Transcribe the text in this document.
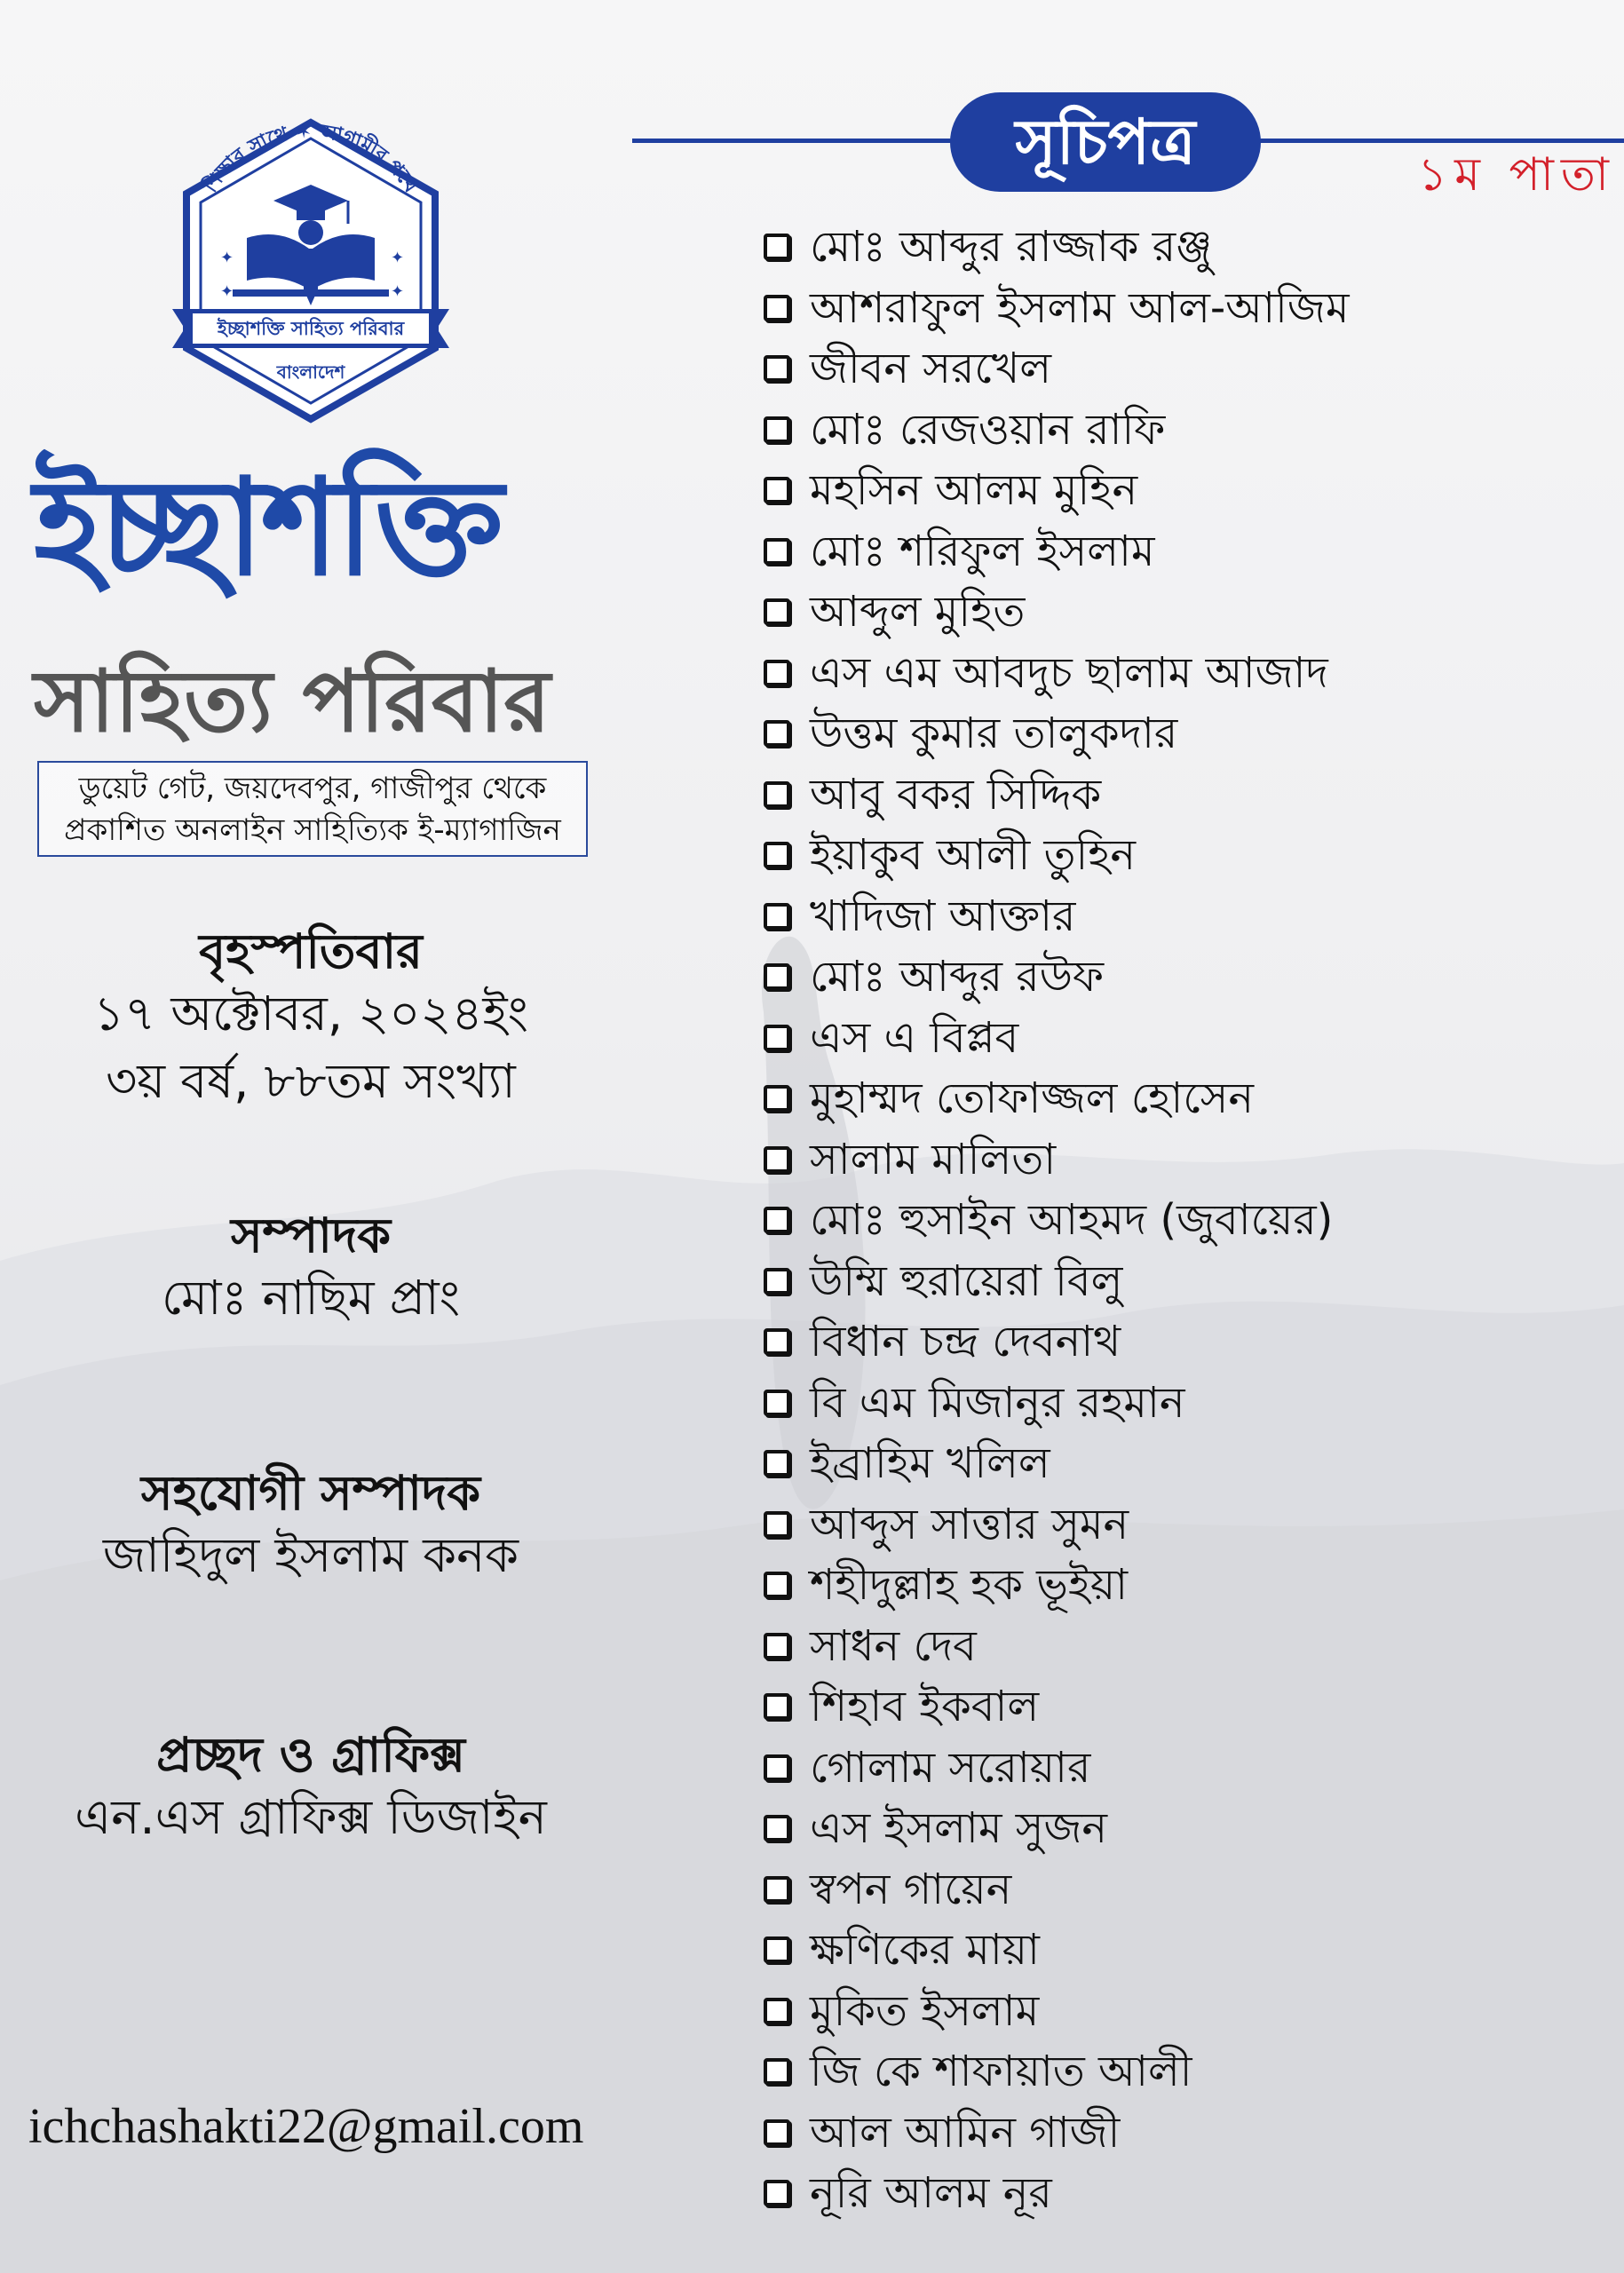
শিক্ষার সাথে ✶ আগামীর পথে
✦	✦
✦	✦
ইচ্ছাশক্তি সাহিত্য পরিবার
বাংলাদেশ
ইচ্ছাশক্তি
সাহিত্য পরিবার
ডুয়েট গেট, জয়দেবপুর, গাজীপুর থেকে
প্রকাশিত অনলাইন সাহিত্যিক ই-ম্যাগাজিন
বৃহস্পতিবার
১৭ অক্টোবর, ২০২৪ইং
৩য় বর্ষ, ৮৮তম সংখ্যা
সম্পাদক
মোঃ নাছিম প্রাং
সহযোগী সম্পাদক
জাহিদুল ইসলাম কনক
প্রচ্ছদ ও গ্রাফিক্স
এন.এস গ্রাফিক্স ডিজাইন
ichchashakti22@gmail.com
সূচিপত্র	১ম পাতা
মোঃ আব্দুর রাজ্জাক রঞ্জু
আশরাফুল ইসলাম আল-আজিম
জীবন সরখেল
মোঃ রেজওয়ান রাফি
মহসিন আলম মুহিন
মোঃ শরিফুল ইসলাম
আব্দুল মুহিত
এস এম আবদুচ ছালাম আজাদ
উত্তম কুমার তালুকদার
আবু বকর সিদ্দিক
ইয়াকুব আলী তুহিন
খাদিজা আক্তার
মোঃ আব্দুর রউফ
এস এ বিপ্লব
মুহাম্মদ তোফাজ্জল হোসেন
সালাম মালিতা
মোঃ হুসাইন আহমদ (জুবায়ের)
উম্মি হুরায়েরা বিলু
বিধান চন্দ্র দেবনাথ
বি এম মিজানুর রহমান
ইব্রাহিম খলিল
আব্দুস সাত্তার সুমন
শহীদুল্লাহ হক ভূইয়া
সাধন দেব
শিহাব ইকবাল
গোলাম সরোয়ার
এস ইসলাম সুজন
স্বপন গায়েন
ক্ষণিকের মায়া
মুকিত ইসলাম
জি কে শাফায়াত আলী
আল আমিন গাজী
নূরি আলম নূর
